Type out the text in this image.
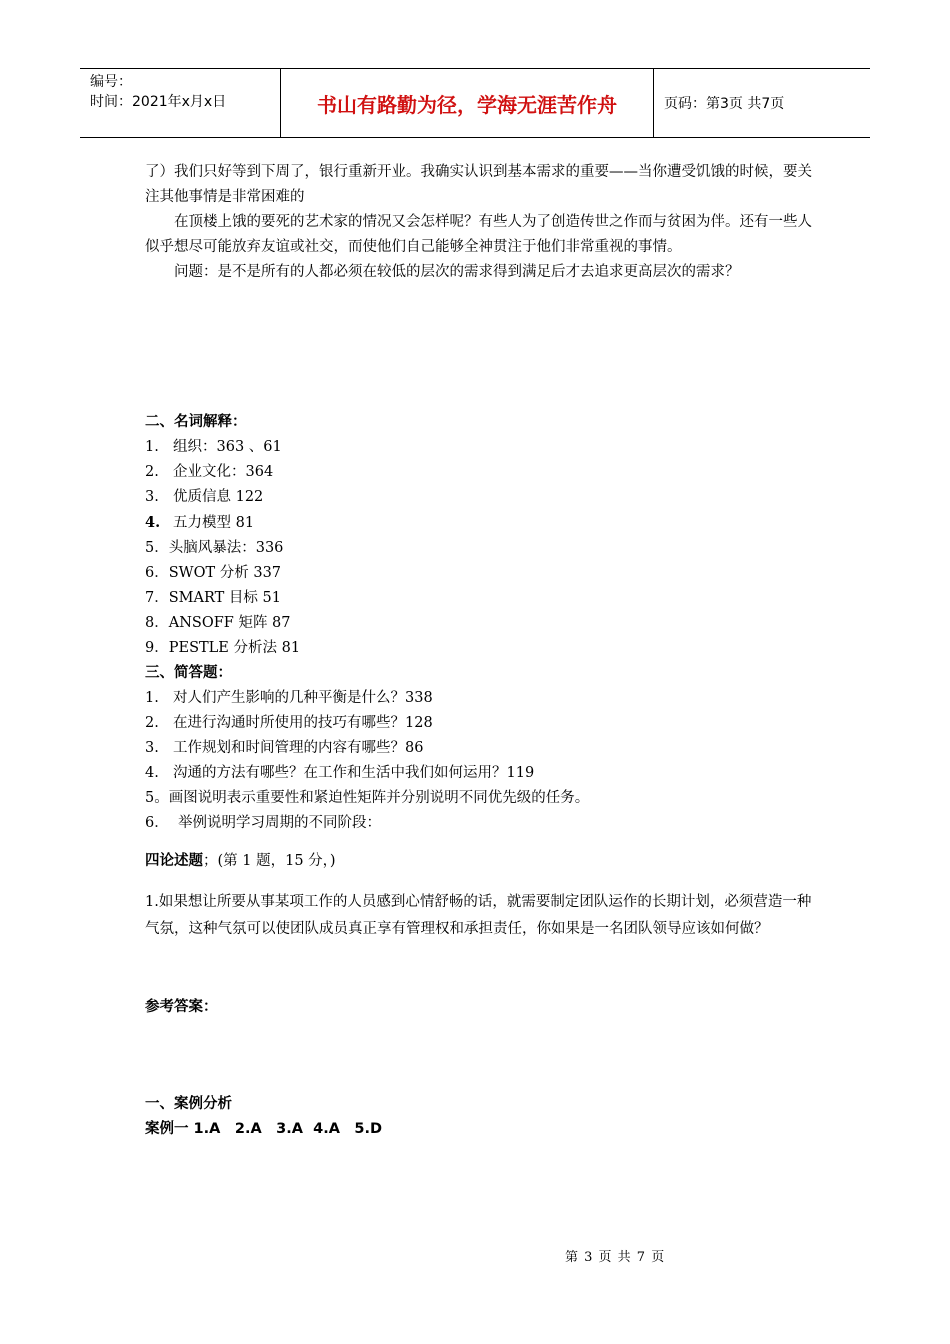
编号：
时间：2021年x月x日	书山有路勤为径，学海无涯苦作舟	页码：第3页 共7页

了）我们只好等到下周了，银行重新开业。我确实认识到基本需求的重要——当你遭受饥饿的时候，要关注其他事情是非常困难的

在顶楼上饿的要死的艺术家的情况又会怎样呢？有些人为了创造传世之作而与贫困为伴。还有一些人似乎想尽可能放弃友谊或社交，而使他们自己能够全神贯注于他们非常重视的事情。

问题：是不是所有的人都必须在较低的层次的需求得到满足后才去追求更高层次的需求？

二、名词解释：

1. 组织：363 、61

2. 企业文化：364

3. 优质信息 122

4. 五力模型 81

5．头脑风暴法：336

6．SWOT 分析 337

7．SMART 目标 51

8．ANSOFF 矩阵 87

9．PESTLE 分析法 81

三、简答题：

1. 对人们产生影响的几种平衡是什么？338

2. 在进行沟通时所使用的技巧有哪些？128

3. 工作规划和时间管理的内容有哪些？86

4. 沟通的方法有哪些？在工作和生活中我们如何运用？119

5。画图说明表示重要性和紧迫性矩阵并分别说明不同优先级的任务。

6． 举例说明学习周期的不同阶段：

四论述题；(第 1 题，15 分，)

1.如果想让所要从事某项工作的人员感到心情舒畅的话，就需要制定团队运作的长期计划，必须营造一种气氛，这种气氛可以使团队成员真正享有管理权和承担责任，你如果是一名团队领导应该如何做？

参考答案：

一、案例分析

案例一 1.A　2.A　3.A  4.A　5.D

第 3 页 共 7 页
